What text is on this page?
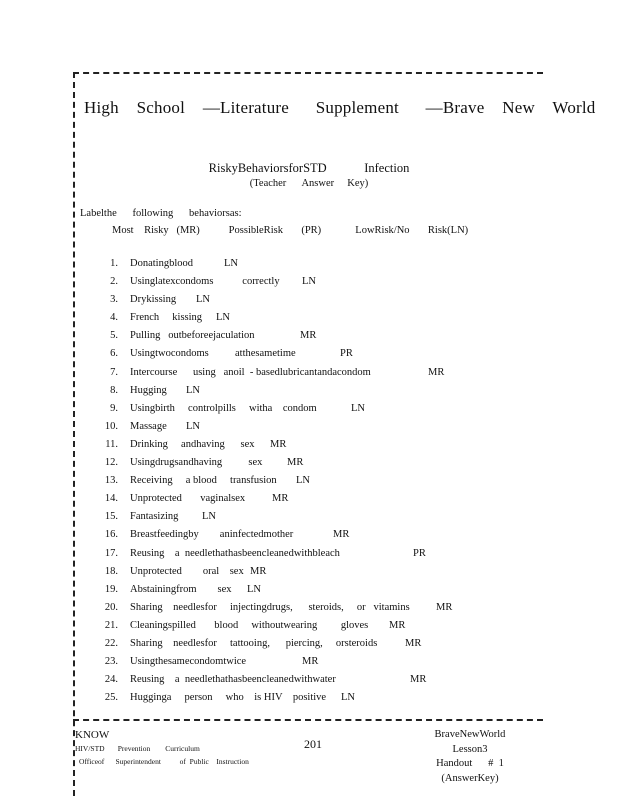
High    School    —Literature      Supplement      —Brave    New    World
RiskyBehaviorsforSTD            Infection
(Teacher      Answer     Key)
Labelthe      following      behaviorsas:
Most    Risky   (MR)           PossibleRisk       (PR)             LowRisk/No       Risk(LN)
1. Donatingblood	LN
2. Usinglatexcondoms           correctly LN
3. Drykissing LN
4. French     kissing LN
5. Pulling   outbeforeejaculation	MR
6. Usingtwocondoms          atthesametime	PR
7. Intercourse      using   anoil  - basedlubricantandacondom	MR
8. Hugging LN
9. Usingbirth     controlpills     witha    condom	LN
10. Massage LN
11. Drinking     andhaving      sex MR
12. Usingdrugsandhaving          sex MR
13. Receiving     a blood     transfusion LN
14. Unprotected       vaginalsex	MR
15. Fantasizing LN
16. Breastfeedingby        aninfectedmother	MR
17. Reusing    a  needlethathasbeencleanedwithbleach	PR
18. Unprotected        oral    sex MR
19. Abstainingfrom        sex LN
20. Sharing    needlesfor     injectingdrugs,      steroids,     or   vitamins	MR
21. Cleaningspilled       blood     withoutwearing         gloves MR
22. Sharing    needlesfor     tattooing,      piercing,     orsteroids	MR
23. Usingthesamecondomtwice	MR
24. Reusing    a  needlethathasbeencleanedwithwater	MR
25. Hugginga     person     who    is HIV    positive LN
KNOW
HIV/STD       Prevention        Curriculum
Officeof      Superintendent          of  Public    Instruction
201
BraveNewWorld
Lesson3
Handout      #  1
(AnswerKey)
